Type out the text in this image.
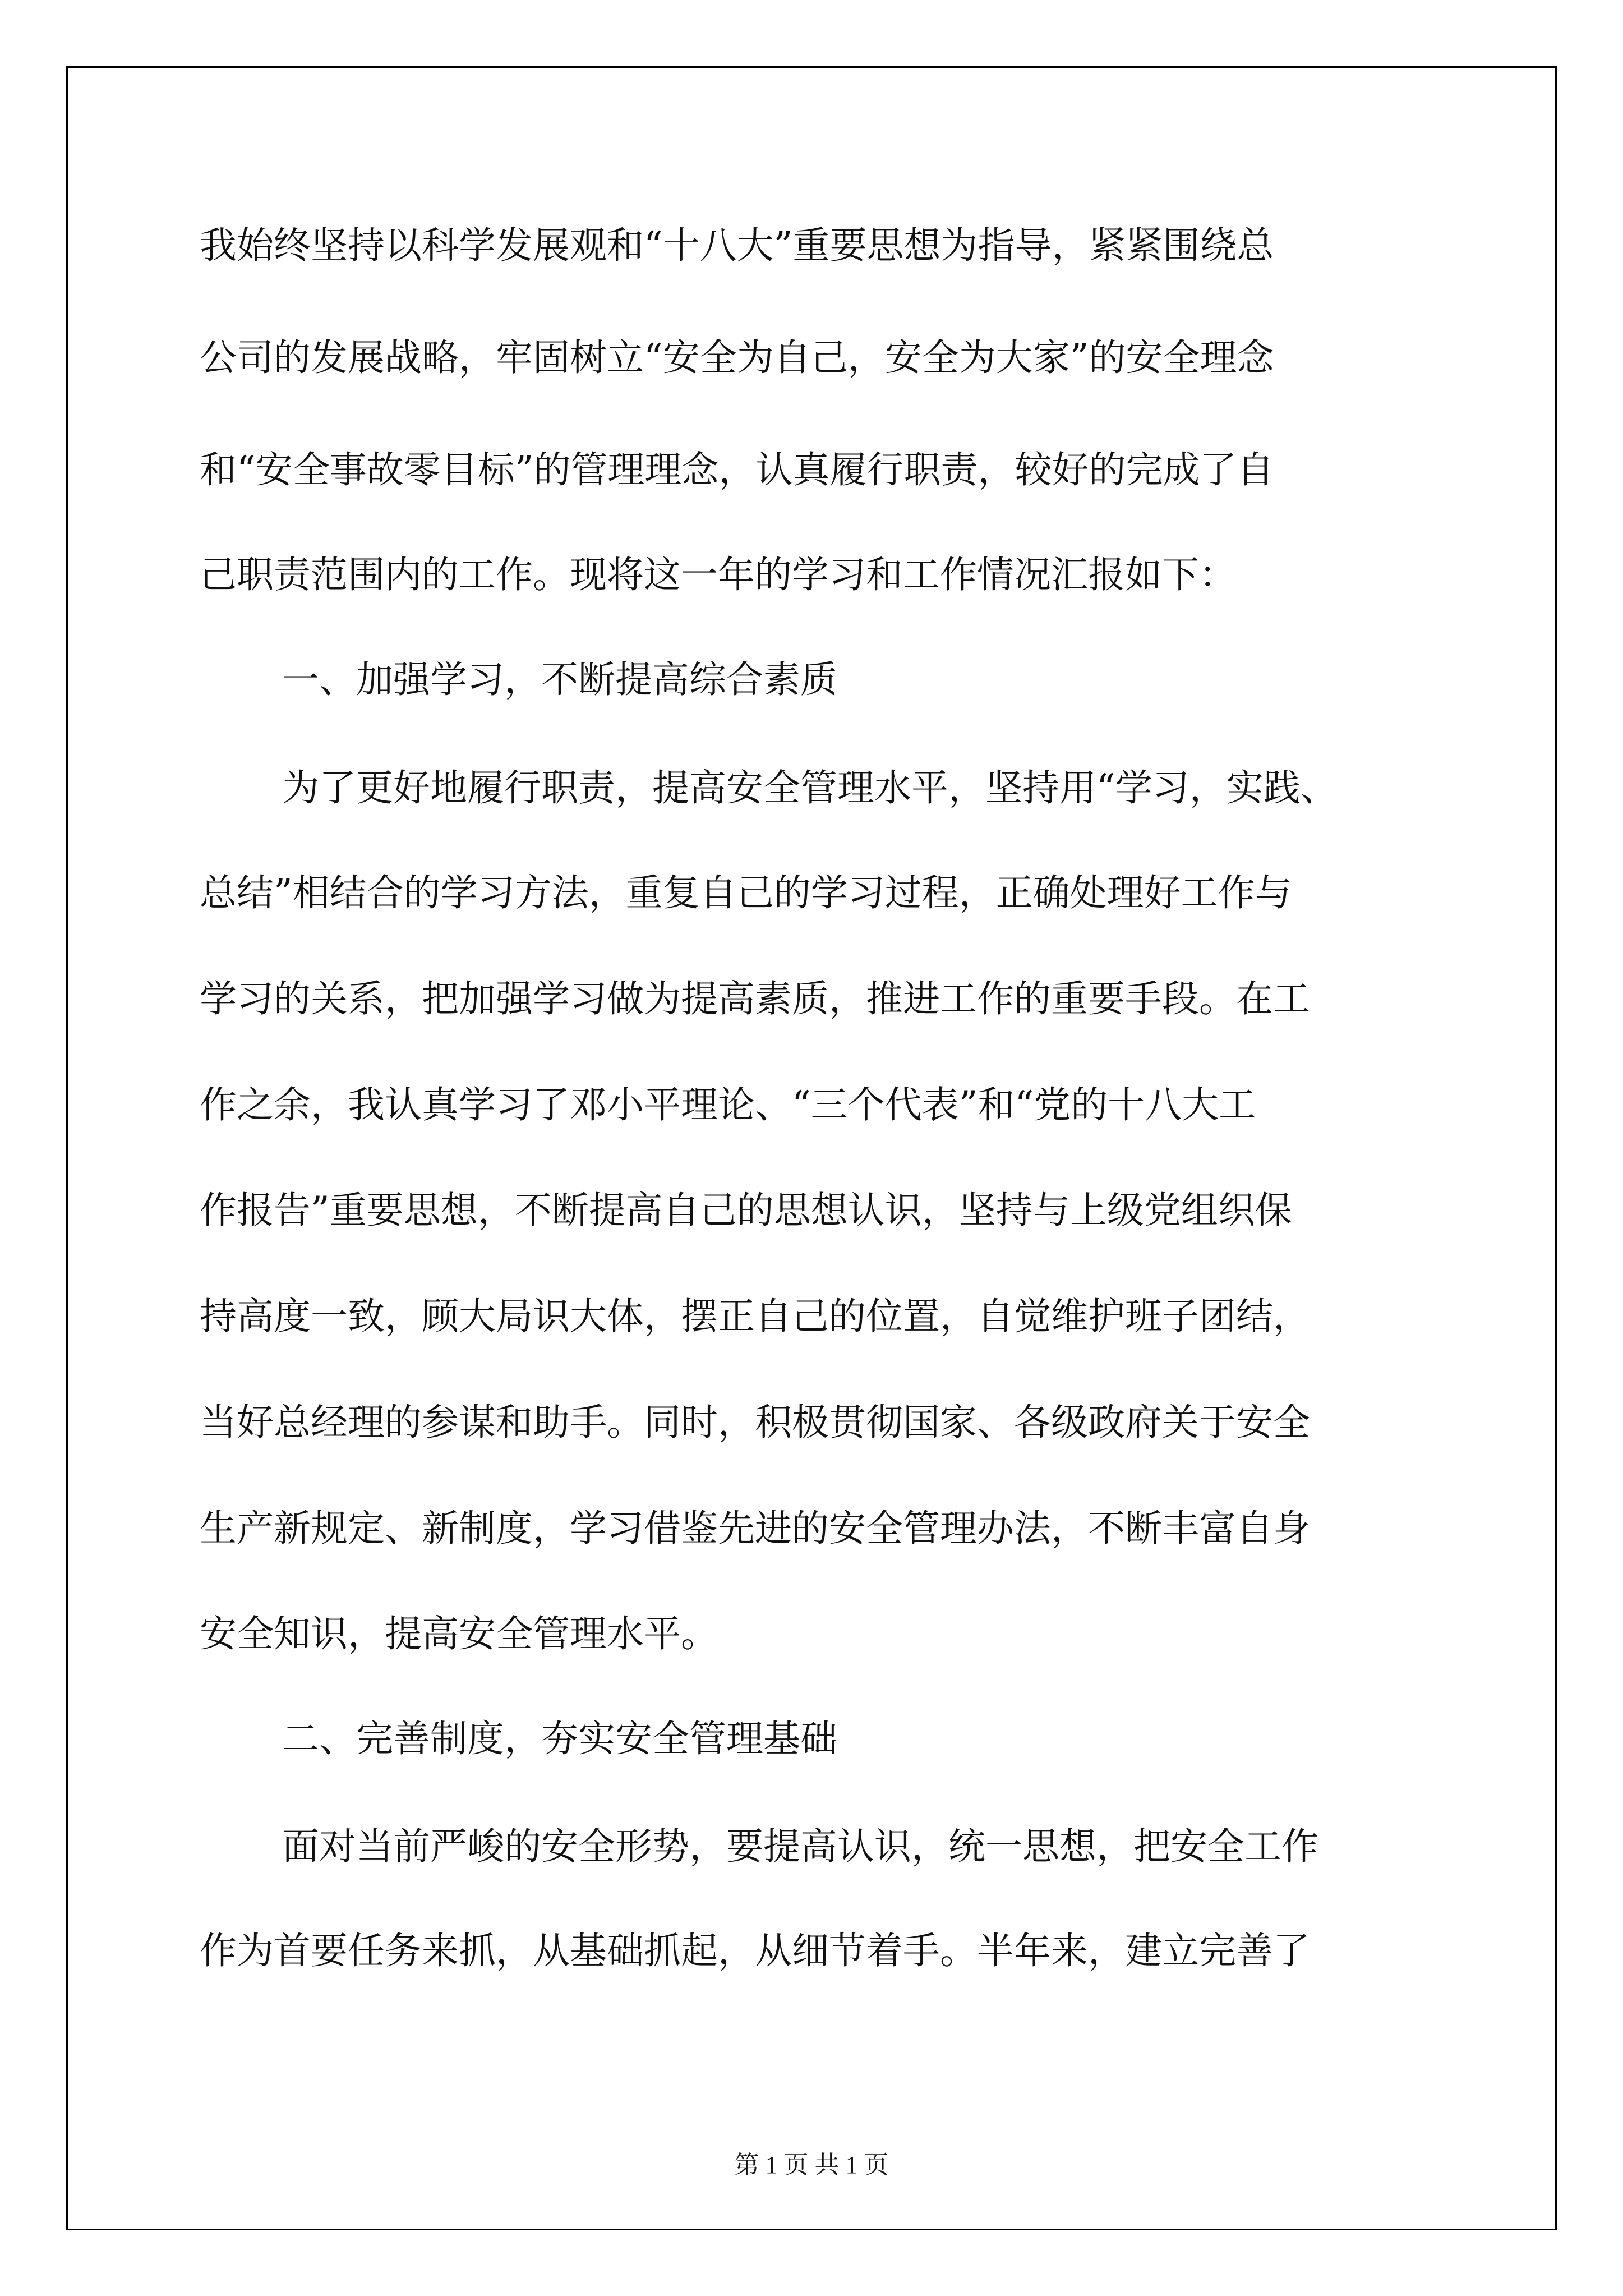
我始终坚持以科学发展观和“十八大”重要思想为指导，紧紧围绕总

公司的发展战略，牢固树立“安全为自己，安全为大家”的安全理念

和“安全事故零目标”的管理理念，认真履行职责，较好的完成了自

己职责范围内的工作。现将这一年的学习和工作情况汇报如下：

一、加强学习，不断提高综合素质

为了更好地履行职责，提高安全管理水平，坚持用“学习，实践、

总结”相结合的学习方法，重复自己的学习过程，正确处理好工作与

学习的关系，把加强学习做为提高素质，推进工作的重要手段。在工

作之余，我认真学习了邓小平理论、“三个代表”和“党的十八大工

作报告”重要思想，不断提高自己的思想认识，坚持与上级党组织保

持高度一致，顾大局识大体，摆正自己的位置，自觉维护班子团结，

当好总经理的参谋和助手。同时，积极贯彻国家、各级政府关于安全

生产新规定、新制度，学习借鉴先进的安全管理办法，不断丰富自身

安全知识，提高安全管理水平。

二、完善制度，夯实安全管理基础

面对当前严峻的安全形势，要提高认识，统一思想，把安全工作

作为首要任务来抓，从基础抓起，从细节着手。半年来，建立完善了

第 1 页 共 1 页
